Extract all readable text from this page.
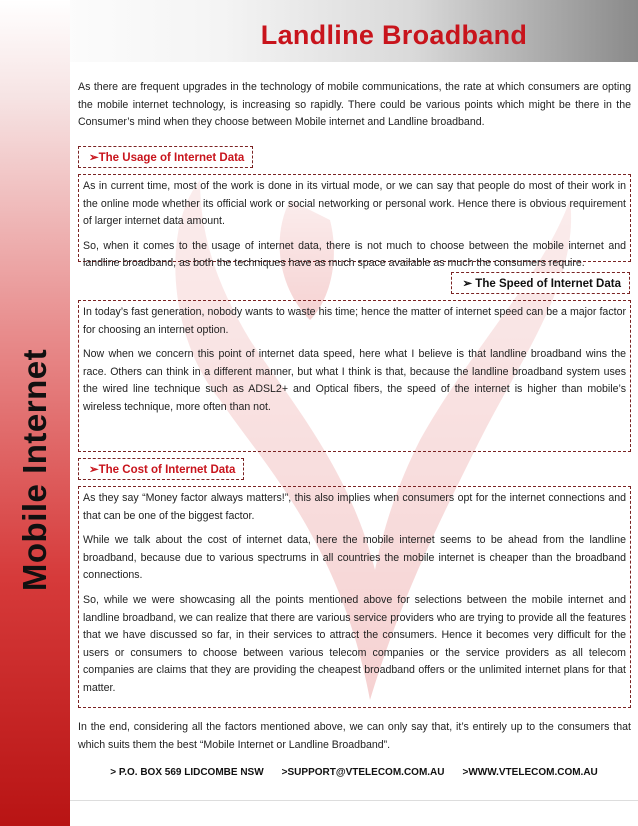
Mobile Internet
Landline Broadband

As there are frequent upgrades in the technology of mobile communications, the rate at which consumers are opting the mobile internet technology, is increasing so rapidly. There could be various points which might be there in the Consumer’s mind when they choose between Mobile internet and Landline broadband.

➢The Usage of Internet Data

As in current time, most of the work is done in its virtual mode, or we can say that people do most of their work in the online mode whether its official work or social networking or personal work. Hence there is obvious requirement of larger internet data amount.

So, when it comes to the usage of internet data, there is not much to choose between the mobile internet and landline broadband, as both the techniques have as much space available as much the consumers require.

➢ The Speed of Internet Data

In today’s fast generation, nobody wants to waste his time; hence the matter of internet speed can be a major factor for choosing an internet option.

Now when we concern this point of internet data speed, here what I believe is that landline broadband wins the race. Others can think in a different manner, but what I think is that, because the landline broadband system uses the wired line technique such as ADSL2+ and Optical fibers, the speed of the internet is higher than mobile’s wireless technique, more often than not.

➢The Cost of Internet Data

As they say “Money factor always matters!”, this also implies when consumers opt for the internet connections and that can be one of the biggest factor.

While we talk about the cost of internet data, here the mobile internet seems to be ahead from the landline broadband, because due to various spectrums in all countries the mobile internet is cheaper than the broadband connections.

So, while we were showcasing all the points mentioned above for selections between the mobile internet and landline broadband, we can realize that there are various service providers who are trying to provide all the features that we have discussed so far, in their services to attract the consumers. Hence it becomes very difficult for the users or consumers to choose between various telecom companies or the service providers as all telecom companies are claims that they are providing the cheapest broadband offers or the unlimited internet plans for that matter.

In the end, considering all the factors mentioned above, we can only say that, it’s entirely up to the consumers that which suits them the best “Mobile Internet or Landline Broadband”.

> P.O. BOX 569 LIDCOMBE NSW >SUPPORT@VTELECOM.COM.AU >WWW.VTELECOM.COM.AU
